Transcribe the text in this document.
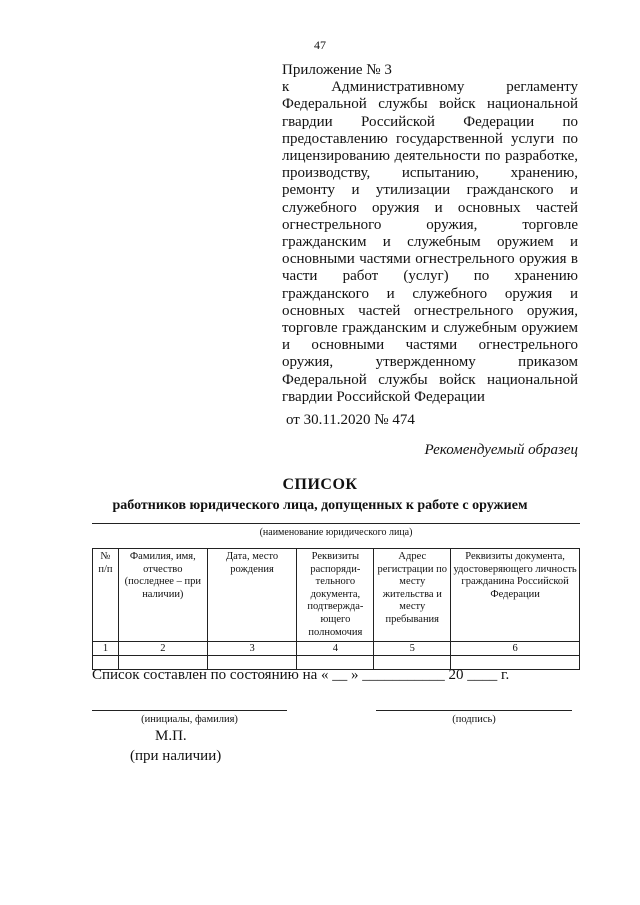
47
Приложение № 3
к Административному регламенту Федеральной службы войск национальной гвардии Российской Федерации по предоставлению государственной услуги по лицензированию деятельности по разработке, производству, испытанию, хранению, ремонту и утилизации гражданского и служебного оружия и основных частей огнестрельного оружия, торговле гражданским и служебным оружием и основными частями огнестрельного оружия в части работ (услуг) по хранению гражданского и служебного оружия и основных частей огнестрельного оружия, торговле гражданским и служебным оружием и основными частями огнестрельного оружия, утвержденному приказом Федеральной службы войск национальной гвардии Российской Федерации
от 30.11.2020 № 474
Рекомендуемый образец
СПИСОК
работников юридического лица, допущенных к работе с оружием
(наименование юридического лица)
№ п/п	Фамилия, имя, отчество (последнее – при наличии)	Дата, место рождения	Реквизиты распоряди-тельного документа, подтвержда-ющего полномочия	Адрес регистрации по месту жительства и месту пребывания	Реквизиты документа, удостоверяющего личность гражданина Российской Федерации
1	2	3	4	5	6

Список составлен по состоянию на « __ » ___________ 20 ____ г.
(инициалы, фамилия)	(подпись)
М.П.
(при наличии)
